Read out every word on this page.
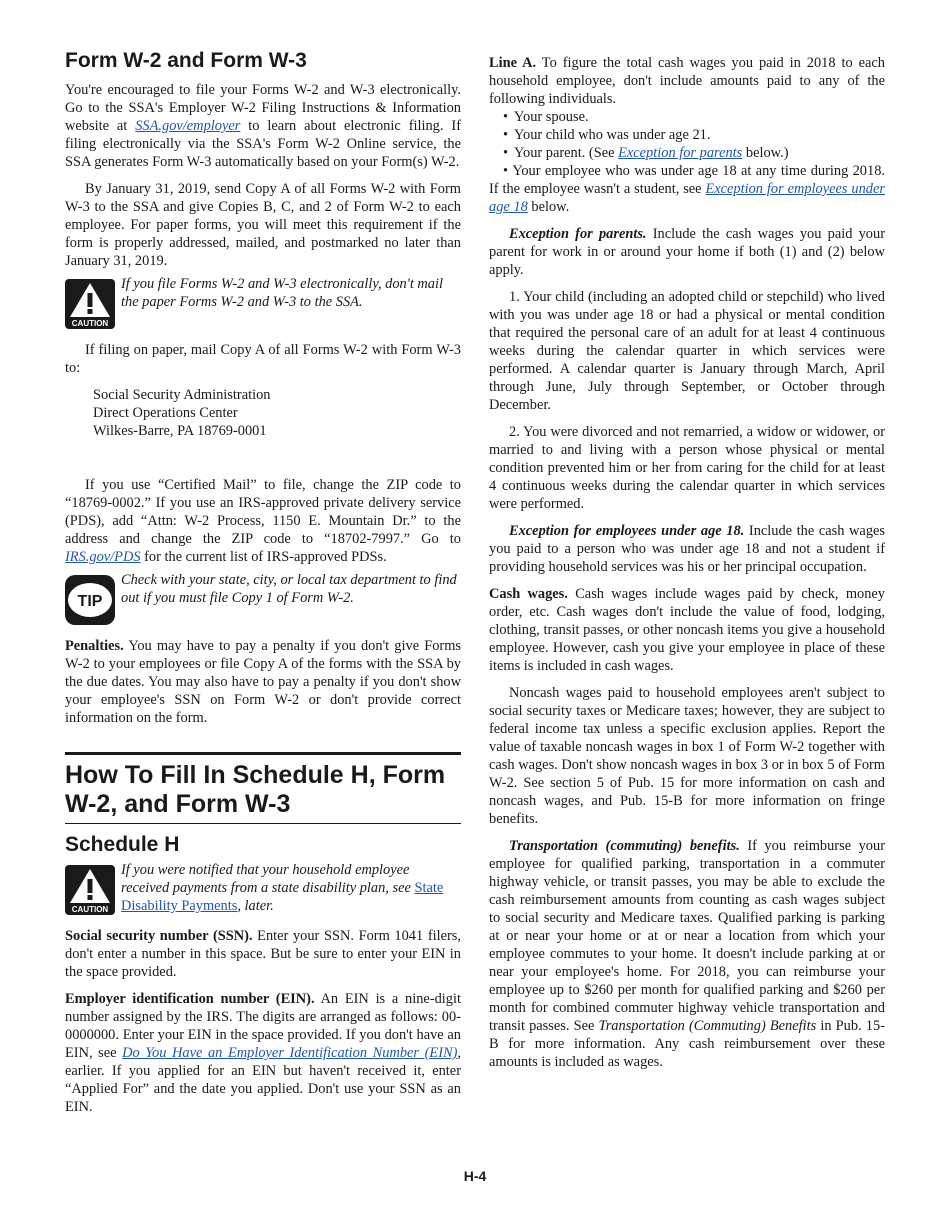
Form W-2 and Form W-3

You're encouraged to file your Forms W-2 and W-3 electronically. Go to the SSA's Employer W-2 Filing Instructions & Information website at SSA.gov/employer to learn about electronic filing. If filing electronically via the SSA's Form W-2 Online service, the SSA generates Form W-3 automatically based on your Form(s) W-2.

By January 31, 2019, send Copy A of all Forms W-2 with Form W-3 to the SSA and give Copies B, C, and 2 of Form W-2 to each employee. For paper forms, you will meet this requirement if the form is properly addressed, mailed, and postmarked no later than January 31, 2019.

CAUTION
If you file Forms W-2 and W-3 electronically, don't mail the paper Forms W-2 and W-3 to the SSA.

If filing on paper, mail Copy A of all Forms W-2 with Form W-3 to:

Social Security Administration
Direct Operations Center
Wilkes-Barre, PA 18769-0001

If you use “Certified Mail” to file, change the ZIP code to “18769-0002.” If you use an IRS-approved private delivery service (PDS), add “Attn: W-2 Process, 1150 E. Mountain Dr.” to the address and change the ZIP code to “18702-7997.” Go to IRS.gov/PDS for the current list of IRS-approved PDSs.

TIP
Check with your state, city, or local tax department to find out if you must file Copy 1 of Form W-2.

Penalties. You may have to pay a penalty if you don't give Forms W-2 to your employees or file Copy A of the forms with the SSA by the due dates. You may also have to pay a penalty if you don't show your employee's SSN on Form W-2 or don't provide correct information on the form.

How To Fill In Schedule H, Form W-2, and Form W-3
Schedule H
CAUTION
If you were notified that your household employee received payments from a state disability plan, see State Disability Payments, later.

Social security number (SSN). Enter your SSN. Form 1041 filers, don't enter a number in this space. But be sure to enter your EIN in the space provided.

Employer identification number (EIN). An EIN is a nine-digit number assigned by the IRS. The digits are arranged as follows: 00-0000000. Enter your EIN in the space provided. If you don't have an EIN, see Do You Have an Employer Identification Number (EIN), earlier. If you applied for an EIN but haven't received it, enter “Applied For” and the date you applied. Don't use your SSN as an EIN.

Line A. To figure the total cash wages you paid in 2018 to each household employee, don't include amounts paid to any of the following individuals.

• Your spouse.
• Your child who was under age 21.
• Your parent. (See Exception for parents below.)

• Your employee who was under age 18 at any time during 2018. If the employee wasn't a student, see Exception for employees under age 18 below.

Exception for parents. Include the cash wages you paid your parent for work in or around your home if both (1) and (2) below apply.

1. Your child (including an adopted child or stepchild) who lived with you was under age 18 or had a physical or mental condition that required the personal care of an adult for at least 4 continuous weeks during the calendar quarter in which services were performed. A calendar quarter is January through March, April through June, July through September, or October through December.

2. You were divorced and not remarried, a widow or widower, or married to and living with a person whose physical or mental condition prevented him or her from caring for the child for at least 4 continuous weeks during the calendar quarter in which services were performed.

Exception for employees under age 18. Include the cash wages you paid to a person who was under age 18 and not a student if providing household services was his or her principal occupation.

Cash wages. Cash wages include wages paid by check, money order, etc. Cash wages don't include the value of food, lodging, clothing, transit passes, or other noncash items you give a household employee. However, cash you give your employee in place of these items is included in cash wages.

Noncash wages paid to household employees aren't subject to social security taxes or Medicare taxes; however, they are subject to federal income tax unless a specific exclusion applies. Report the value of taxable noncash wages in box 1 of Form W-2 together with cash wages. Don't show noncash wages in box 3 or in box 5 of Form W-2. See section 5 of Pub. 15 for more information on cash and noncash wages, and Pub. 15-B for more information on fringe benefits.

Transportation (commuting) benefits. If you reimburse your employee for qualified parking, transportation in a commuter highway vehicle, or transit passes, you may be able to exclude the cash reimbursement amounts from counting as cash wages subject to social security and Medicare taxes. Qualified parking is parking at or near your home or at or near a location from which your employee commutes to your home. It doesn't include parking at or near your employee's home. For 2018, you can reimburse your employee up to $260 per month for qualified parking and $260 per month for combined commuter highway vehicle transportation and transit passes. See Transportation (Commuting) Benefits in Pub. 15-B for more information. Any cash reimbursement over these amounts is included as wages.

H-4
